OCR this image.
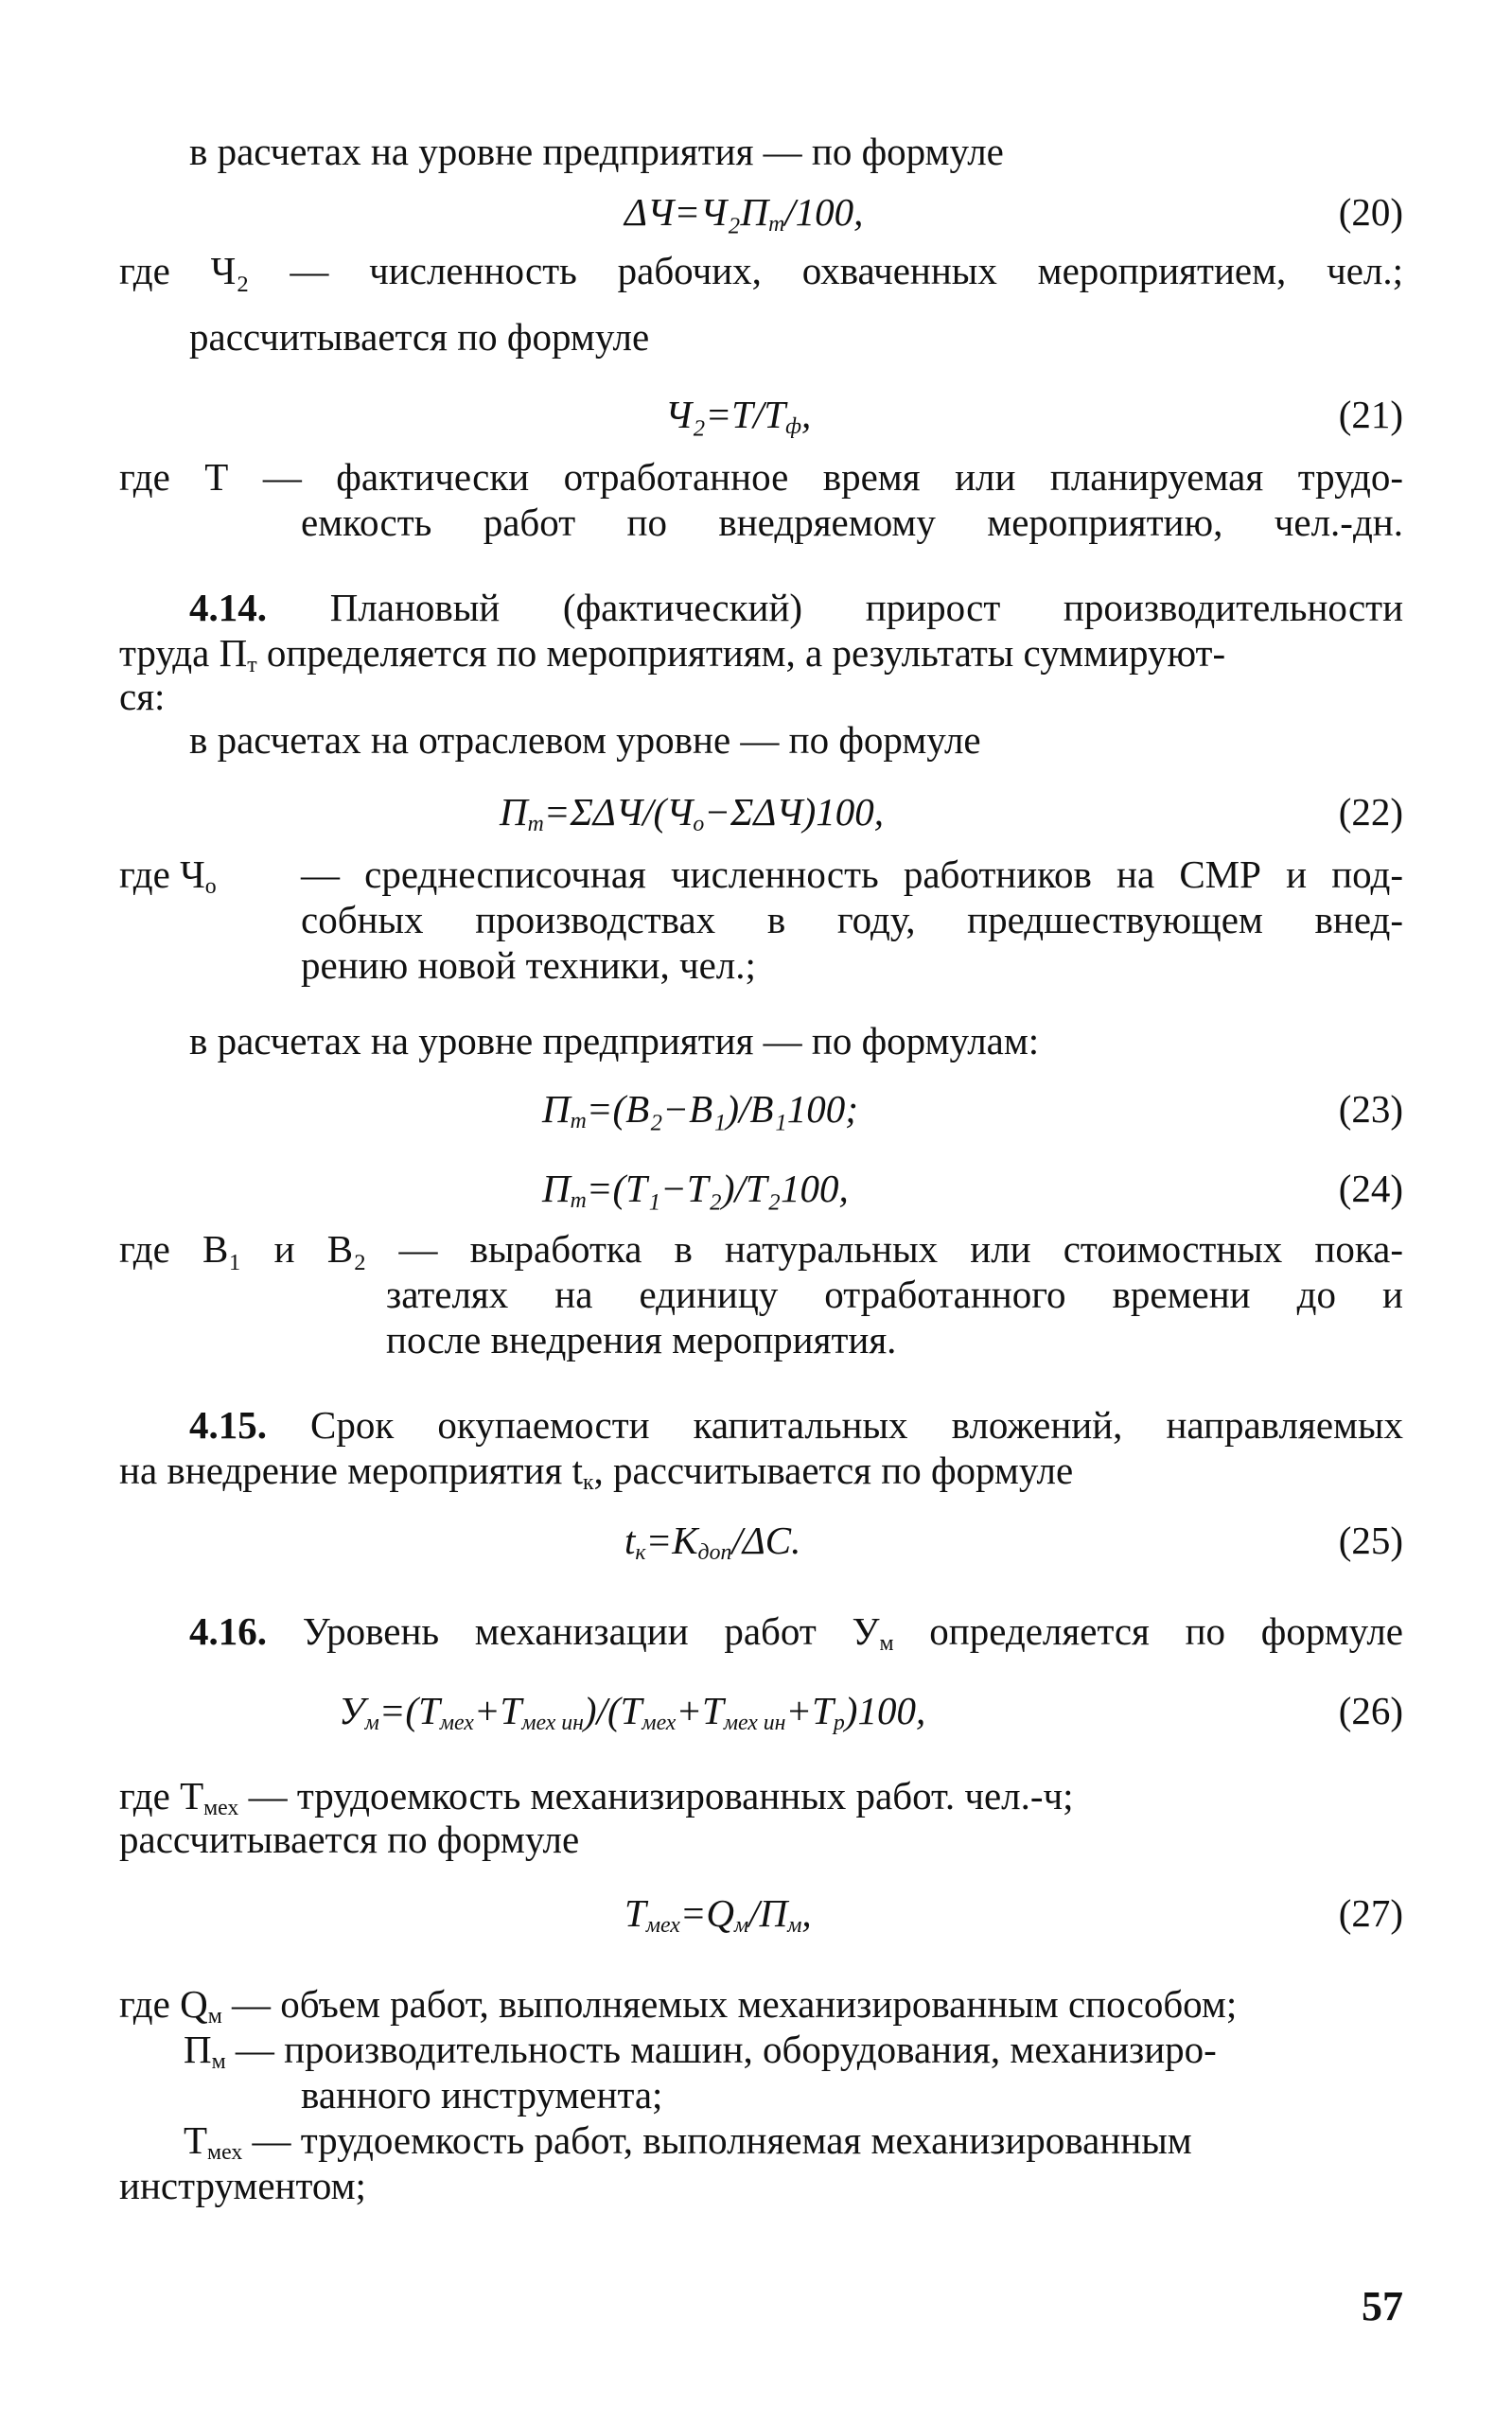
в расчетах на уровне предприятия — по формуле
$\Delta Ч=Ч_2П_т/100$,	(20)
где Ч₂ — численность рабочих, охваченных мероприятием, чел.;
рассчитывается по формуле
$Ч_2=Т/Т_ф$,	(21)
где Т — фактически отработанное время или планируемая трудо-
емкость работ по внедряемому мероприятию, чел.-дн.
4.14. Плановый (фактический) прирост производительности
труда $П_т$ определяется по мероприятиям, а результаты суммируют-
ся:
в расчетах на отраслевом уровне — по формуле
$П_т=\Sigma\Delta Ч/(Ч_о-\Sigma\Delta Ч)100$,	(22)
где $Ч_о$ — среднесписочная численность работников на СМР и под-
собных производствах в году, предшествующем внед-
рению новой техники, чел.;
в расчетах на уровне предприятия — по формулам:
$П_т=(В_2-В_1)/В_1100$;	(23)
$П_т=(Т_1-Т_2)/Т_2100$,	(24)
где В₁ и В₂ — выработка в натуральных или стоимостных пока-
зателях на единицу отработанного времени до и
после внедрения мероприятия.
4.15. Срок окупаемости капитальных вложений, направляемых
на внедрение мероприятия $t_к$, рассчитывается по формуле
$t_к=K_{доп}/\Delta C$.	(25)
4.16. Уровень механизации работ $У_м$ определяется по формуле
$У_м=(Т_{мех}+Т_{мех ин})/(Т_{мех}+Т_{мех ин}+Т_р)100$,	(26)
где $Т_{мех}$ — трудоемкость механизированных работ. чел.-ч;
рассчитывается по формуле
$Т_{мех}=Q_м/П_м$,	(27)
где $Q_м$ — объем работ, выполняемых механизированным способом;
$П_м$ — производительность машин, оборудования, механизиро-
ванного инструмента;
$Т_{мех}$ — трудоемкость работ, выполняемая механизированным
инструментом;
57
